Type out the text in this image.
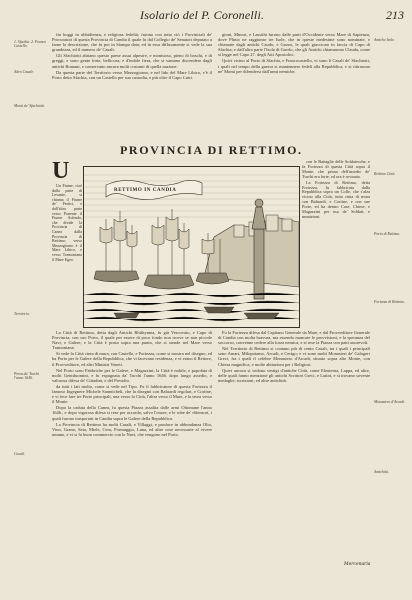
Isolario del P. Coronelli.	213

fin hoggi in ubbidienza, e religiosa fedeltà; furono con tutto ciò i Provinciali de' Procuratori di questa Provincia di Candia il quale fu dal Collegio de' Senatori deputato a farne la descrizione, che fu poi in Stampa data; ed in essa diffusamente si vede la sua grandezza, ed il numero de' Casali.

Gli Sfachiotti abitano questo paese assai alpestre, e montuoso, pieno di boschi, e di greggi, e sono gente forte, bellicosa, e d'indole fiera, che si vantano discendere dagli antichi Romani, e conservano ancora molti costumi di quella nazione.

Da questa parte del Territorio verso Mezzogiorno, e nel lido del Mare Libico, v'è il Porto detto Sfachia, con un Castello per sua custodia, e più oltre il Capo Cutri.

gioni, Minori, e Lassithi furono dalle parti d'Occidente verso Mare di Sapienza, dove Plinio ne raggiunse tre Isole, che in queste medesime sono nominate, e chiamate dagli antichi Caudo, e Gozzo, le quali giacciono in faccia di Capo di Sfachia; e dall'altra parte l'Isola di Gavdo, che gli Antichi chiamarono Clauda, come si legge nel Capo 27. degli Atti Apostolici.

Quivi vicino al Porto di Sfachia, e Francocastello, vi sono li Casali de' Sfachiotti, i quali nel tempo della guerra si mantennero fedeli alla Repubblica, e si ritirarono ne' Monti per difendersi dall'armi nemiche.

1. Sfachia. 2. Franco Castello.
Altro Casale.
Monti de' Sfachiotti.
Antiche Isole.
PROVINCIA DI RETTIMO.
U

Un Fiume, cioè dalla parte di Levante, si chiama il Fiume de' Pertici, e dall'altra parte verso Ponente il Fiume Asfendo, che divide la Provincia di Canea dalla Provincia di Rettimo; verso Mezzogiorno è il Mare Libico, e verso Tramontana il Mare Egeo.

RETTIMO IN CANDIA

con le Battaglie delle Soldatesche, e fa Fortezza di questa Città sopra il Monte, che prima dell'assedio de' Turchi era forte, ed ora è rovinata.

La Fortezza di Rettimo, detta Fortezza, fu fabbricata dalla Repubblica sopra un Colle, che s'alza vicino alla Città, tutta cinta di mura con Baluardi, e Cortine, e con sue Porte, ed ha dentro Case, Chiese, e Magazzini per uso de' Soldati, e munizioni.

Rettimo Città.
Porto di Rettimo.
Fortezza di Rettimo.
Territorio.
Presa da' Turchi l'anno 1646.
Casali.
Monastero d'Arcadi.
Antichità.

La Città di Rettimo, detta dagli Antichi Rhithymna, fu già Vescovato, e Capo di Provincia, con suo Porto, il quale per essere di poco fondo non riceve se non piccole Navi, e Galere; e la Città è posta sopra una punta, che si stende nel Mare verso Tramontana.

Si vede la Città cinta di mura, con Castello, e Fortezza, come si mostra nel disegno, ed ha Porto per le Galere della Repubblica, che vi facevano residenza; e vi erano il Rettore, il Provveditore, ed altri Ministri Veneti.

Nel Porto sono Fabbriche per le Galere, e Magazzini; la Città è nobile, e popolata di molti Gentiluomini, e fu espugnata da' Turchi l'anno 1646. dopo lungo assedio, e valorosa difesa de' Cittadini, e del Presidio.

da tutti i lati molto, come si vede nel Tipo. Fu il fabbricatore di questa Fortezza il famoso Ingegnere Michele Sanmicheli, che la disegnò con Baluardi regolari, e Cortine, e vi fece fare tre Porte principali, una verso la Città, l'altra verso il Mare, e la terza verso il Monte.

Dopo la caduta della Canea, fu questa Piazza assalita dalle armi Ottomane l'anno 1646., e dopo vigorosa difesa si rese per accordo, salvo l'onore, e le robe de' difensori, i quali furono trasportati in Candia sopra le Galere della Repubblica.

La Provincia di Rettimo ha molti Casali, e Villaggi, e produce in abbondanza Olio, Vino, Grano, Seta, Miele, Cera, Formaggio, Lana, ed altre cose necessarie al vivere umano, e vi si fa buon commercio con le Navi, che vengono nel Porto.

Fu la Fortezza difesa dal Capitano Generale da Mare, e dal Provveditore Generale di Candia con molta bravura, ma essendo mancate le provvisioni, e la speranza del soccorso, convenne cedere alla forza nemica, e si rese la Piazza con patti onorevoli.

Nel Territorio di Rettimo si contano più di cento Casali, tra i quali i principali sono Amari, Milopotamo, Arcadi, e Cerigo; e vi sono molti Monasteri de' Calogeri Greci, fra i quali il celebre Monastero d'Arcadi, situato sopra alto Monte, con Chiesa magnifica, e molte abitazioni per i Religiosi.

Quivi ancora si vedono vestigi d'antiche Città, come Eleuterna, Lappa, ed altre, delle quali fanno menzione gli antichi Scrittori Greci, e Latini, e si trovano sovente medaglie, iscrizioni, ed altre antichità.

Mercenaria
